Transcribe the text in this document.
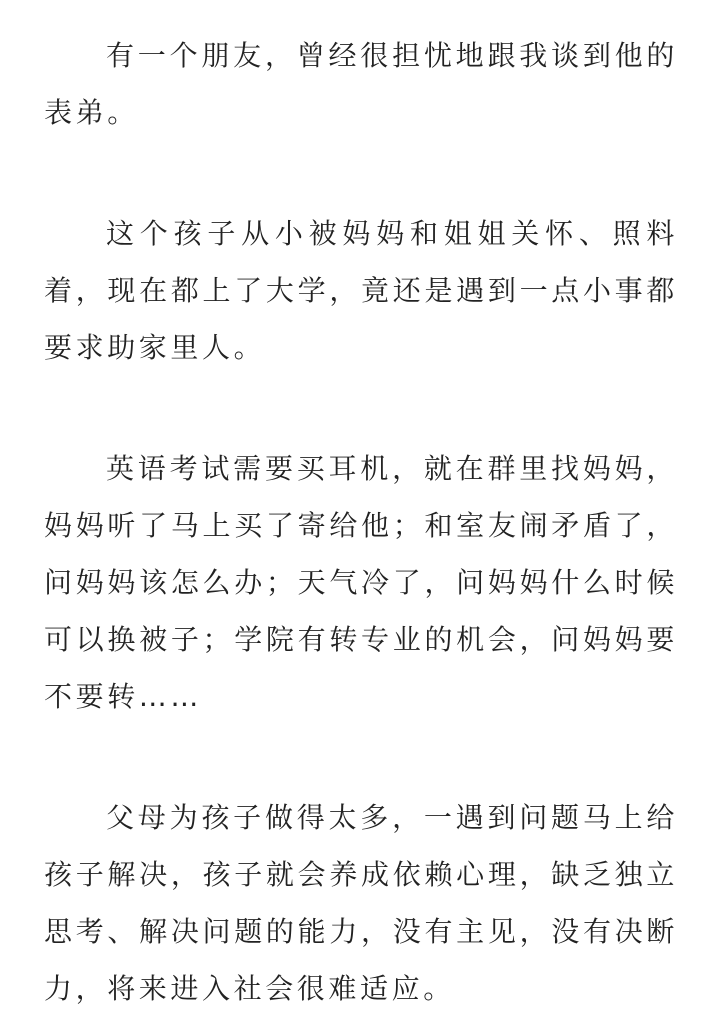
有一个朋友，曾经很担忧地跟我谈到他的表弟。

这个孩子从小被妈妈和姐姐关怀、照料着，现在都上了大学，竟还是遇到一点小事都要求助家里人。

英语考试需要买耳机，就在群里找妈妈，妈妈听了马上买了寄给他；和室友闹矛盾了，问妈妈该怎么办；天气冷了，问妈妈什么时候可以换被子；学院有转专业的机会，问妈妈要不要转……

父母为孩子做得太多，一遇到问题马上给孩子解决，孩子就会养成依赖心理，缺乏独立思考、解决问题的能力，没有主见，没有决断力，将来进入社会很难适应。
